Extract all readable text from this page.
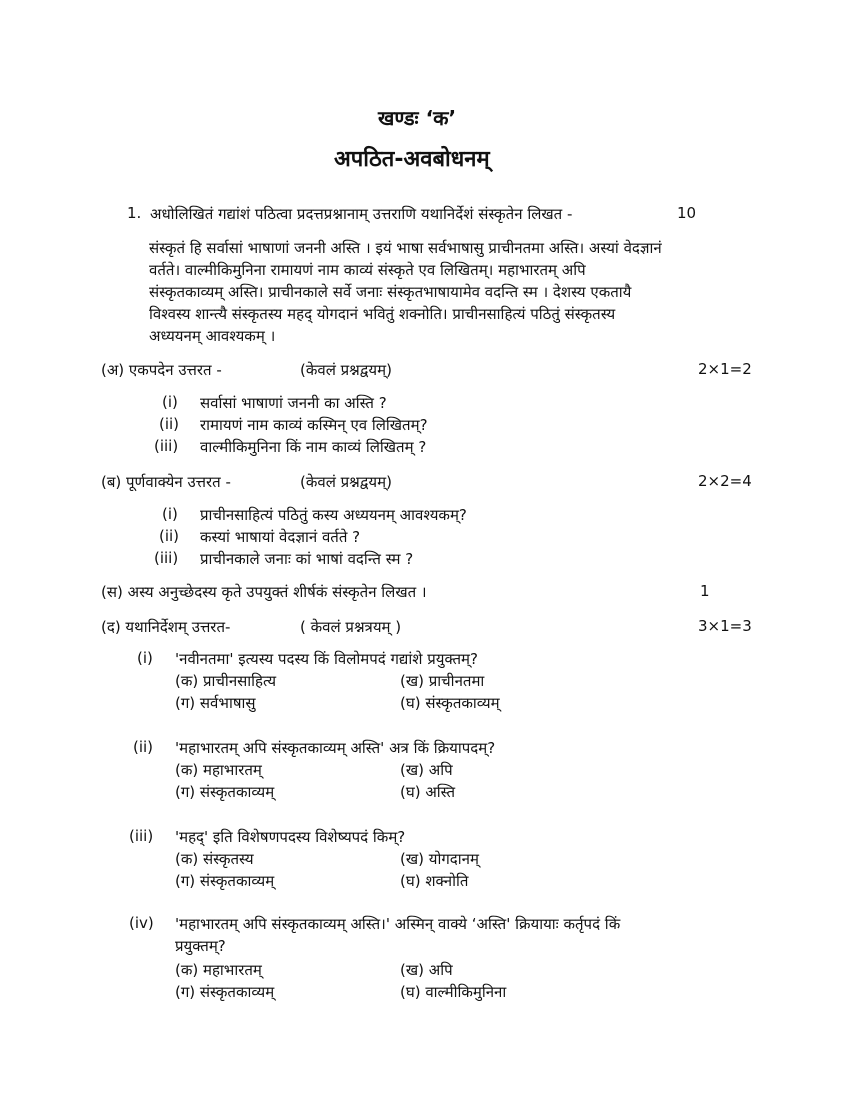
खण्डः ‘क’
अपठित-अवबोधनम्
1. अधोलिखितं गद्यांशं पठित्वा प्रदत्तप्रश्नानाम् उत्तराणि यथानिर्देशं संस्कृतेन लिखत -	10
संस्कृतं हि सर्वासां भाषाणां जननी अस्ति । इयं भाषा सर्वभाषासु प्राचीनतमा अस्ति। अस्यां वेदज्ञानं
वर्तते। वाल्मीकिमुनिना रामायणं नाम काव्यं संस्कृते एव लिखितम्। महाभारतम् अपि
संस्कृतकाव्यम् अस्ति। प्राचीनकाले सर्वे जनाः संस्कृतभाषायामेव वदन्ति स्म । देशस्य एकतायै
विश्वस्य शान्त्यै संस्कृतस्य महद् योगदानं भवितुं शक्नोति। प्राचीनसाहित्यं पठितुं संस्कृतस्य
अध्ययनम् आवश्यकम् ।
(अ) एकपदेन उत्तरत -	(केवलं प्रश्नद्वयम्)	2×1=2
(i) सर्वासां भाषाणां जननी का अस्ति ?
(ii) रामायणं नाम काव्यं कस्मिन् एव लिखितम्?
(iii) वाल्मीकिमुनिना किं नाम काव्यं लिखितम् ?
(ब) पूर्णवाक्येन उत्तरत -	(केवलं प्रश्नद्वयम्)	2×2=4
(i) प्राचीनसाहित्यं पठितुं कस्य अध्ययनम् आवश्यकम्?
(ii) कस्यां भाषायां वेदज्ञानं वर्तते ?
(iii) प्राचीनकाले जनाः कां भाषां वदन्ति स्म ?
(स) अस्य अनुच्छेदस्य कृते उपयुक्तं शीर्षकं संस्कृतेन लिखत ।	1
(द) यथानिर्देशम् उत्तरत-	( केवलं प्रश्नत्रयम् )	3×1=3
(i) 'नवीनतमा' इत्यस्य पदस्य किं विलोमपदं गद्यांशे प्रयुक्तम्?
(क) प्राचीनसाहित्य	(ख) प्राचीनतमा
(ग) सर्वभाषासु	(घ) संस्कृतकाव्यम्
(ii) 'महाभारतम् अपि संस्कृतकाव्यम् अस्ति' अत्र किं क्रियापदम्?
(क) महाभारतम्	(ख) अपि
(ग) संस्कृतकाव्यम्	(घ) अस्ति
(iii) 'महद्' इति विशेषणपदस्य विशेष्यपदं किम्?
(क) संस्कृतस्य	(ख) योगदानम्
(ग) संस्कृतकाव्यम्	(घ) शक्नोति
(iv) 'महाभारतम् अपि संस्कृतकाव्यम् अस्ति।' अस्मिन् वाक्ये ‘अस्ति' क्रियायाः कर्तृपदं किं
प्रयुक्तम्?
(क) महाभारतम्	(ख) अपि
(ग) संस्कृतकाव्यम्	(घ) वाल्मीकिमुनिना
